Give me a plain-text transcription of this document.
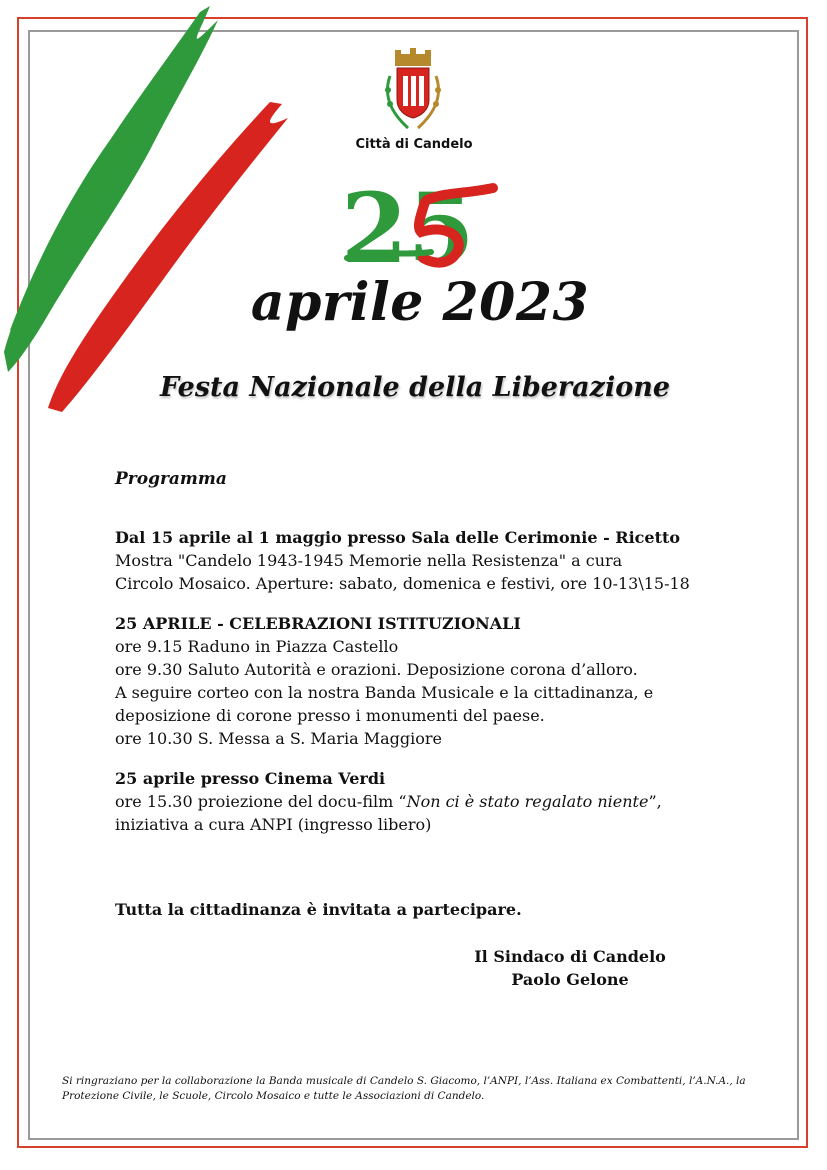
Città di Candelo
25
aprile 2023
Festa Nazionale della Liberazione
Programma
Dal 15 aprile al 1 maggio presso Sala delle Cerimonie - Ricetto
Mostra "Candelo 1943-1945 Memorie nella Resistenza" a cura
Circolo Mosaico. Aperture: sabato, domenica e festivi, ore 10-13\15-18
25 APRILE - CELEBRAZIONI ISTITUZIONALI
ore 9.15 Raduno in Piazza Castello
ore 9.30 Saluto Autorità e orazioni. Deposizione corona d’alloro.
A seguire corteo con la nostra Banda Musicale e la cittadinanza, e
deposizione di corone presso i monumenti del paese.
ore 10.30 S. Messa a S. Maria Maggiore
25 aprile presso Cinema Verdi
ore 15.30 proiezione del docu-film “Non ci è stato regalato niente”,
iniziativa a cura ANPI (ingresso libero)
Tutta la cittadinanza è invitata a partecipare.
Il Sindaco di Candelo
Paolo Gelone
Si ringraziano per la collaborazione la Banda musicale di Candelo S. Giacomo, l’ANPI, l’Ass. Italiana ex Combattenti, l’A.N.A., la Protezione Civile, le Scuole, Circolo Mosaico e tutte le Associazioni di Candelo.
